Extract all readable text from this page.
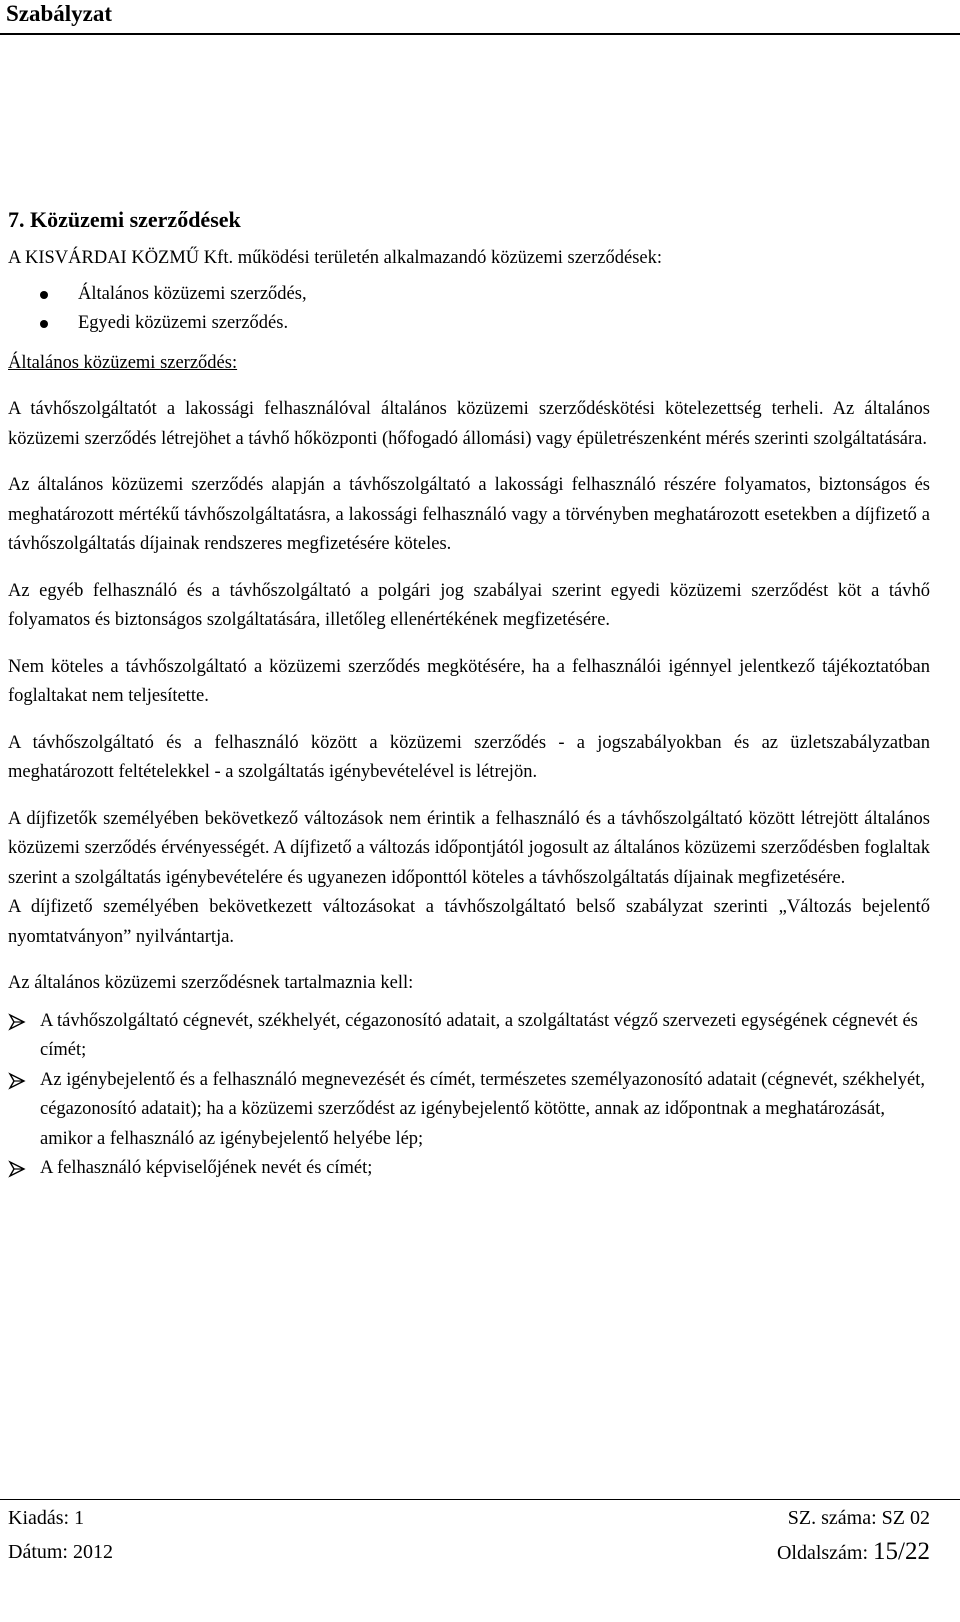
Szabályzat
7. Közüzemi szerződések

A KISVÁRDAI KÖZMŰ Kft. működési területén alkalmazandó közüzemi szerződések:

Általános közüzemi szerződés,
Egyedi közüzemi szerződés.

Általános közüzemi szerződés:

A távhőszolgáltatót a lakossági felhasználóval általános közüzemi szerződéskötési kötelezettség terheli. Az általános közüzemi szerződés létrejöhet a távhő hőközponti (hőfogadó állomási) vagy épületrészenként mérés szerinti szolgáltatására.

Az általános közüzemi szerződés alapján a távhőszolgáltató a lakossági felhasználó részére folyamatos, biztonságos és meghatározott mértékű távhőszolgáltatásra, a lakossági felhasználó vagy a törvényben meghatározott esetekben a díjfizető a távhőszolgáltatás díjainak rendszeres megfizetésére köteles.

Az egyéb felhasználó és a távhőszolgáltató a polgári jog szabályai szerint egyedi közüzemi szerződést köt a távhő folyamatos és biztonságos szolgáltatására, illetőleg ellenértékének megfizetésére.

Nem köteles a távhőszolgáltató a közüzemi szerződés megkötésére, ha a felhasználói igénnyel jelentkező tájékoztatóban foglaltakat nem teljesítette.

A távhőszolgáltató és a felhasználó között a közüzemi szerződés - a jogszabályokban és az üzletszabályzatban meghatározott feltételekkel - a szolgáltatás igénybevételével is létrejön.

A díjfizetők személyében bekövetkező változások nem érintik a felhasználó és a távhőszolgáltató között létrejött általános közüzemi szerződés érvényességét. A díjfizető a változás időpontjától jogosult az általános közüzemi szerződésben foglaltak szerint a szolgáltatás igénybevételére és ugyanezen időponttól köteles a távhőszolgáltatás díjainak megfizetésére.

A díjfizető személyében bekövetkezett változásokat a távhőszolgáltató belső szabályzat szerinti „Változás bejelentő nyomtatványon” nyilvántartja.

Az általános közüzemi szerződésnek tartalmaznia kell:

A távhőszolgáltató cégnevét, székhelyét, cégazonosító adatait, a szolgáltatást végző szervezeti egységének cégnevét és címét;
Az igénybejelentő és a felhasználó megnevezését és címét, természetes személyazonosító adatait (cégnevét, székhelyét, cégazonosító adatait); ha a közüzemi szerződést az igénybejelentő kötötte, annak az időpontnak a meghatározását, amikor a felhasználó az igénybejelentő helyébe lép;
A felhasználó képviselőjének nevét és címét;
Kiadás: 1	SZ. száma: SZ 02
Dátum: 2012	Oldalszám: 15/22
